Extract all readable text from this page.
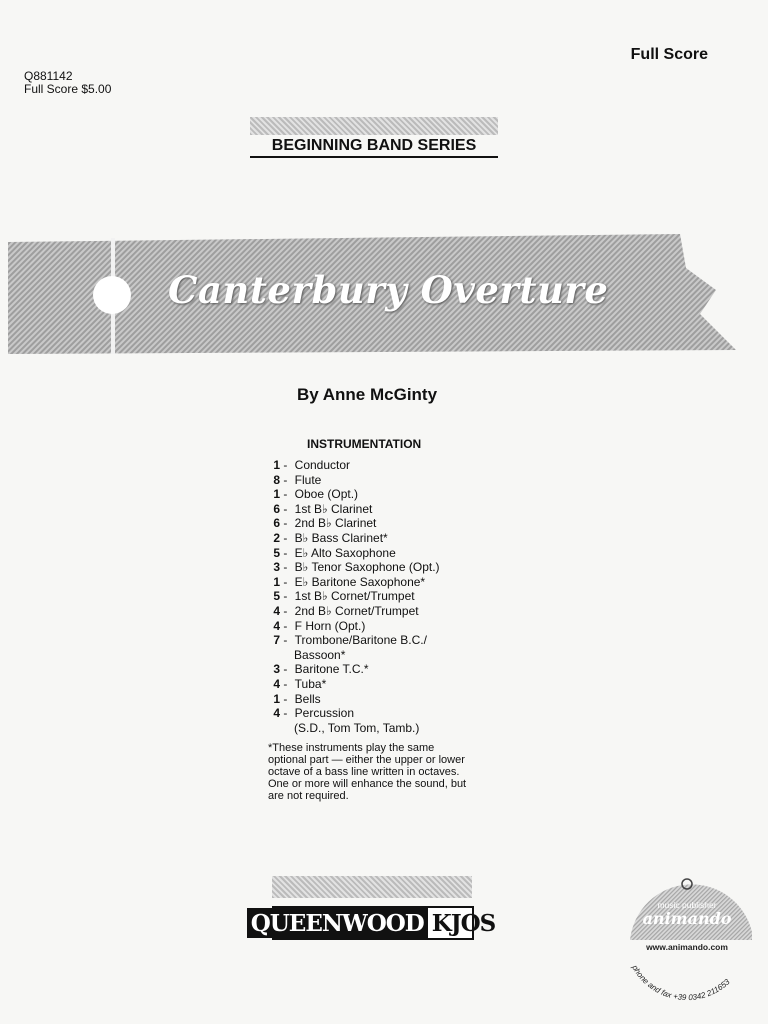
Full Score
Q881142
Full Score $5.00
BEGINNING BAND SERIES
Canterbury Overture
By Anne McGinty
INSTRUMENTATION
1 - Conductor
8 - Flute
1 - Oboe (Opt.)
6 - 1st B♭ Clarinet
6 - 2nd B♭ Clarinet
2 - B♭ Bass Clarinet*
5 - E♭ Alto Saxophone
3 - B♭ Tenor Saxophone (Opt.)
1 - E♭ Baritone Saxophone*
5 - 1st B♭ Cornet/Trumpet
4 - 2nd B♭ Cornet/Trumpet
4 - F Horn (Opt.)
7 - Trombone/Baritone B.C./

Bassoon*
3 - Baritone T.C.*
4 - Tuba*
1 - Bells
4 - Percussion

(S.D., Tom Tom, Tamb.)
*These instruments play the same optional part — either the upper or lower octave of a bass line written in octaves. One or more will enhance the sound, but are not required.
QUEENWOOD KJOS
music publisher
animando
www.animando.com
phone and fax +39 0342 211653
